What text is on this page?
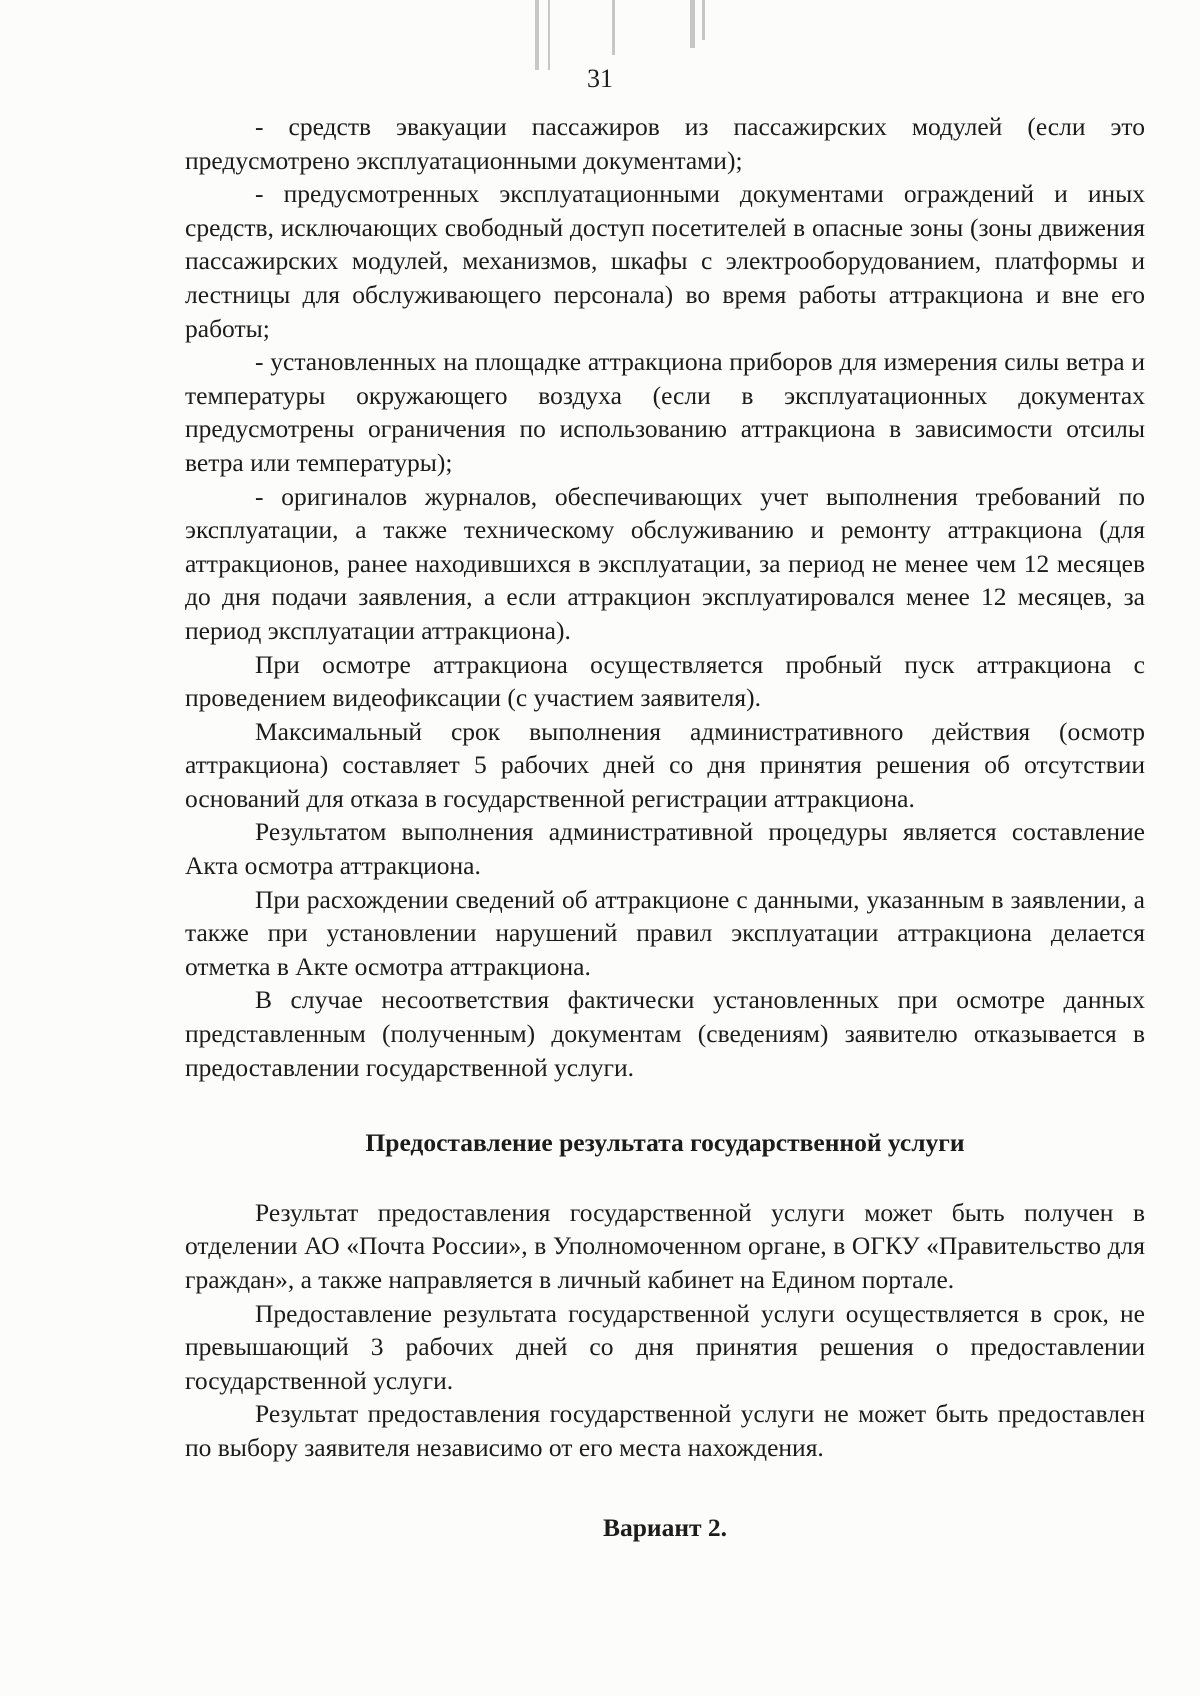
31

- средств эвакуации пассажиров из пассажирских модулей (если это предусмотрено эксплуатационными документами);

- предусмотренных эксплуатационными документами ограждений и иных средств, исключающих свободный доступ посетителей в опасные зоны (зоны движения пассажирских модулей, механизмов, шкафы с электрооборудованием, платформы и лестницы для обслуживающего персонала) во время работы аттракциона и вне его работы;

- установленных на площадке аттракциона приборов для измерения силы ветра и температуры окружающего воздуха (если в эксплуатационных документах предусмотрены ограничения по использованию аттракциона в зависимости отсилы ветра или температуры);

- оригиналов журналов, обеспечивающих учет выполнения требований по эксплуатации, а также техническому обслуживанию и ремонту аттракциона (для аттракционов, ранее находившихся в эксплуатации, за период не менее чем 12 месяцев до дня подачи заявления, а если аттракцион эксплуатировался менее 12 месяцев, за период эксплуатации аттракциона).

При осмотре аттракциона осуществляется пробный пуск аттракциона с проведением видеофиксации (с участием заявителя).

Максимальный срок выполнения административного действия (осмотр аттракциона) составляет 5 рабочих дней со дня принятия решения об отсутствии оснований для отказа в государственной регистрации аттракциона.

Результатом выполнения административной процедуры является составление Акта осмотра аттракциона.

При расхождении сведений об аттракционе с данными, указанным в заявлении, а также при установлении нарушений правил эксплуатации аттракциона делается отметка в Акте осмотра аттракциона.

В случае несоответствия фактически установленных при осмотре данных представленным (полученным) документам (сведениям) заявителю отказывается в предоставлении государственной услуги.

Предоставление результата государственной услуги

Результат предоставления государственной услуги может быть получен в отделении АО «Почта России», в Уполномоченном органе, в ОГКУ «Правительство для граждан», а также направляется в личный кабинет на Едином портале.

Предоставление результата государственной услуги осуществляется в срок, не превышающий 3 рабочих дней со дня принятия решения о предоставлении государственной услуги.

Результат предоставления государственной услуги не может быть предоставлен по выбору заявителя независимо от его места нахождения.

Вариант 2.
